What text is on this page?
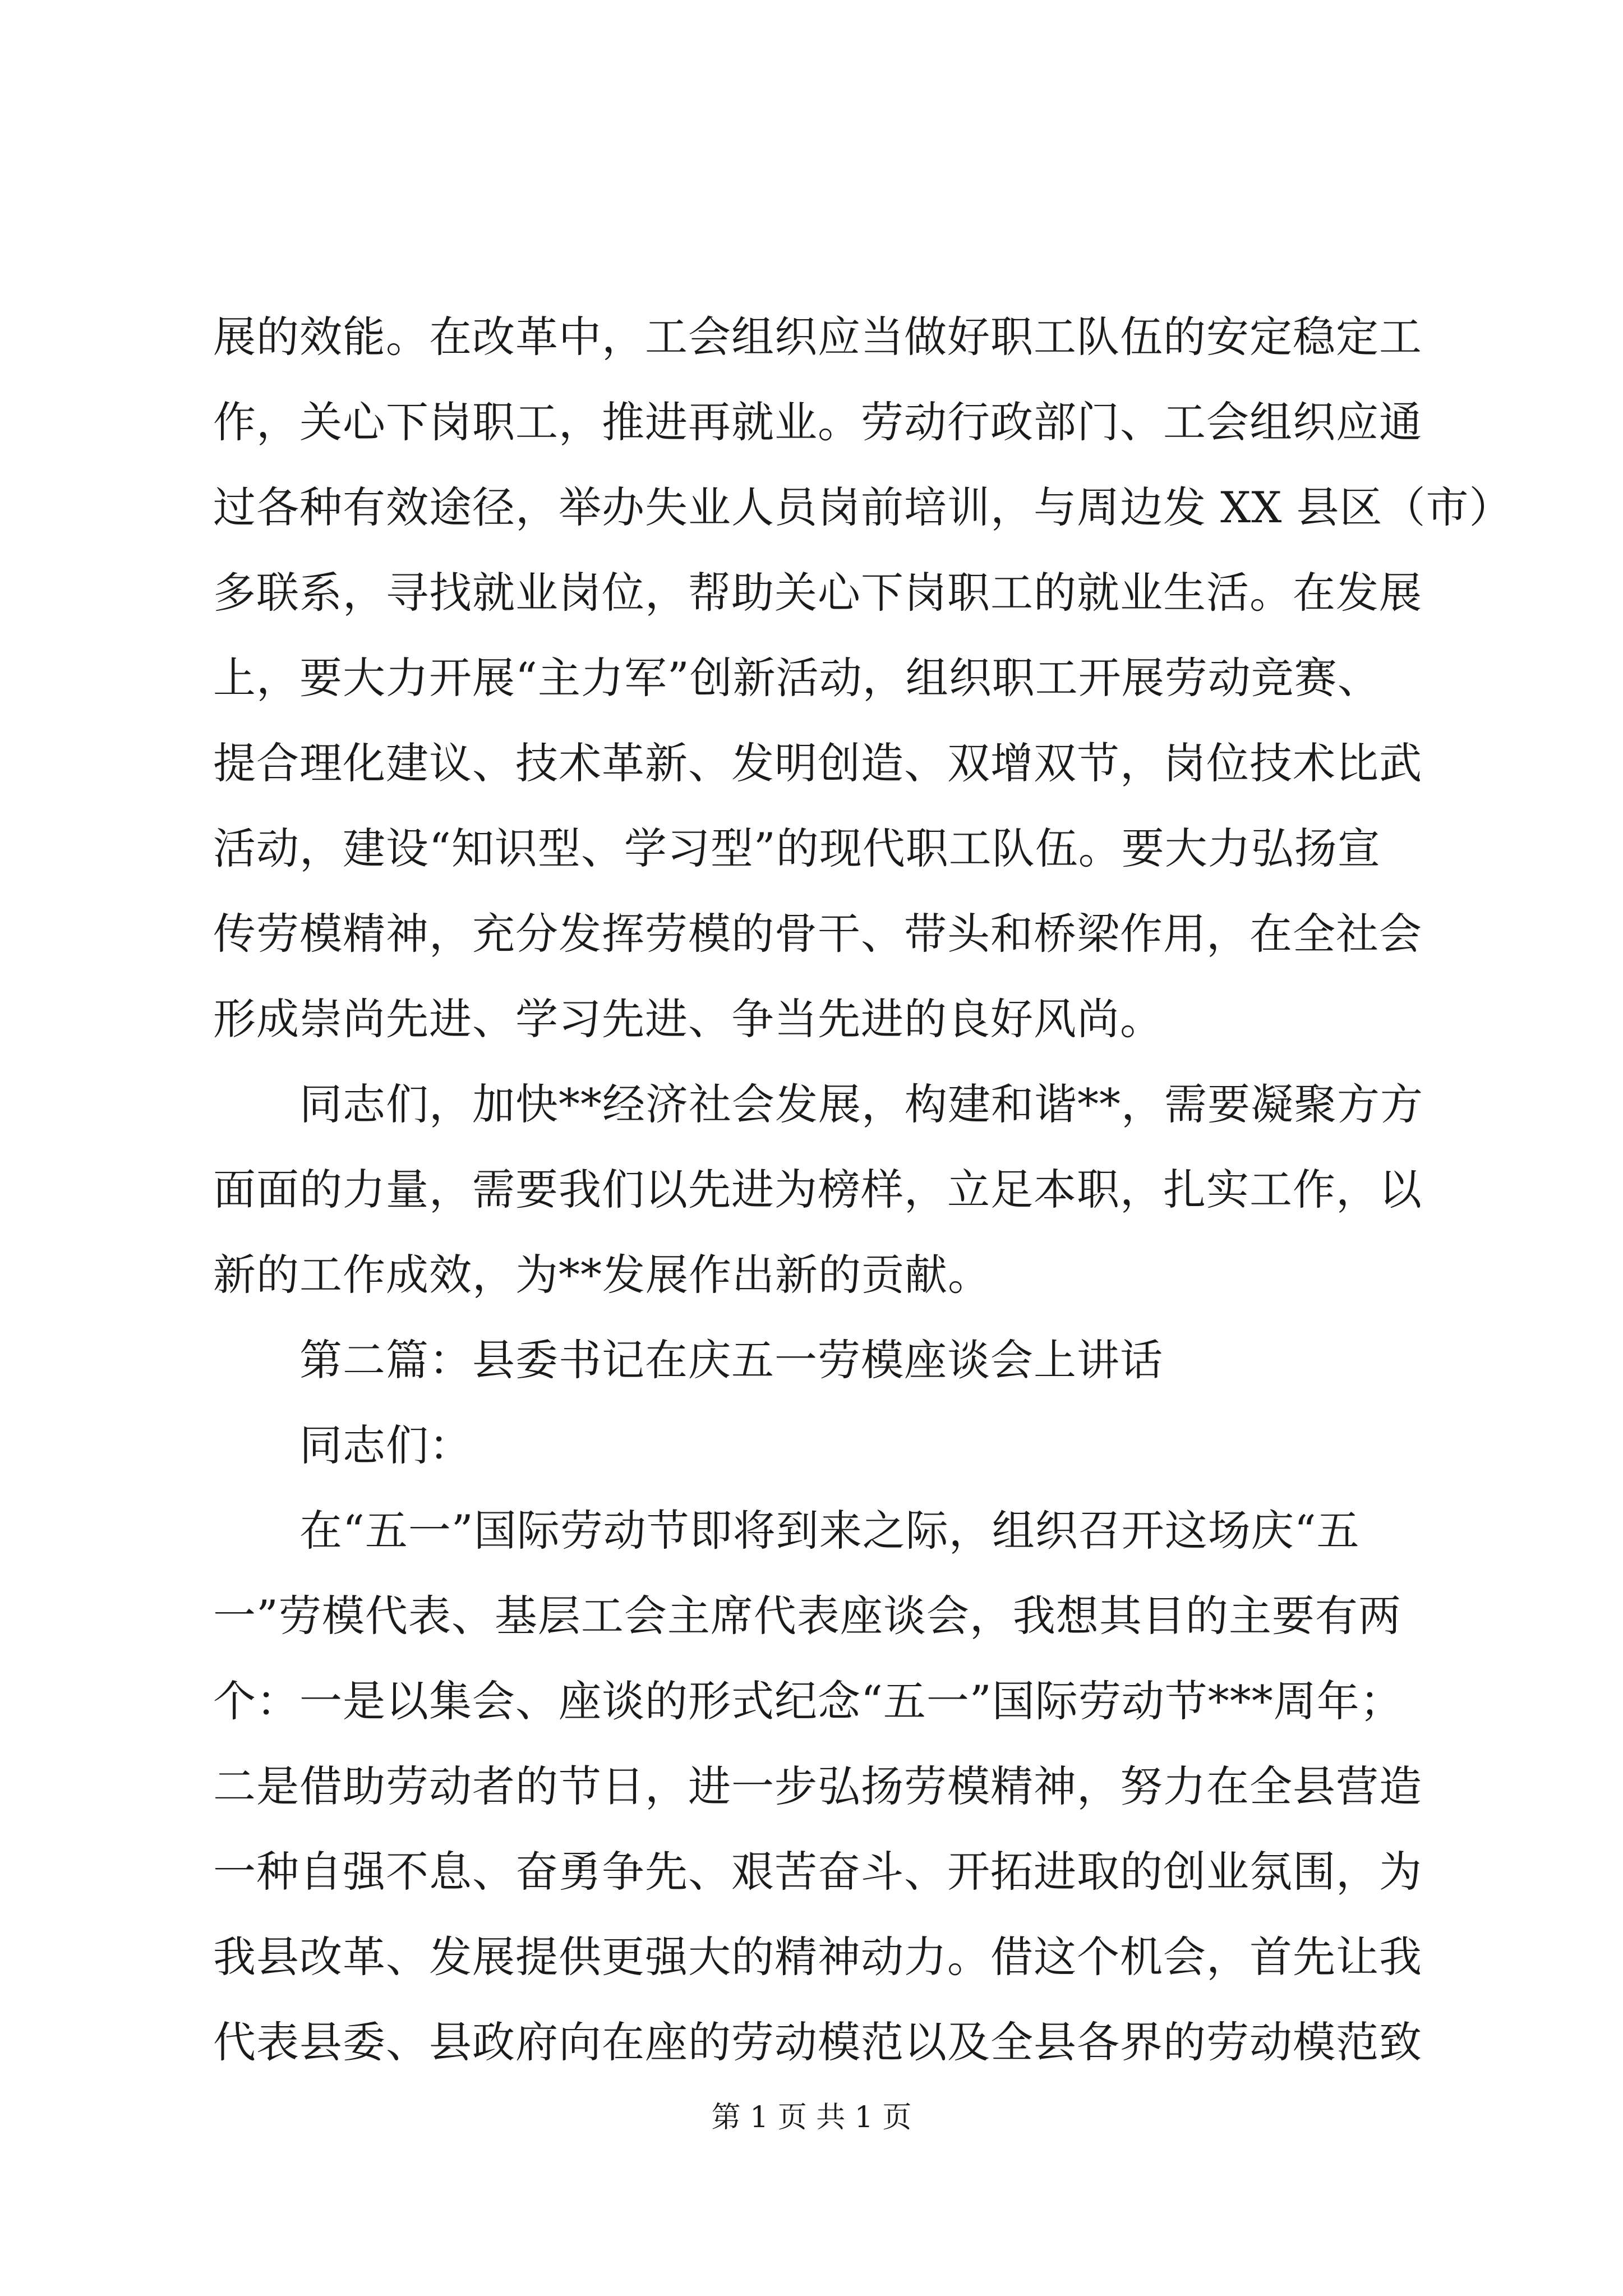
展的效能。在改革中，工会组织应当做好职工队伍的安定稳定工
作，关心下岗职工，推进再就业。劳动行政部门、工会组织应通
过各种有效途径，举办失业人员岗前培训，与周边发 XX 县区（市）
多联系，寻找就业岗位，帮助关心下岗职工的就业生活。在发展
上，要大力开展“主力军”创新活动，组织职工开展劳动竞赛、
提合理化建议、技术革新、发明创造、双增双节，岗位技术比武
活动，建设“知识型、学习型”的现代职工队伍。要大力弘扬宣
传劳模精神，充分发挥劳模的骨干、带头和桥梁作用，在全社会
形成崇尚先进、学习先进、争当先进的良好风尚。
　　同志们，加快**经济社会发展，构建和谐**，需要凝聚方方
面面的力量，需要我们以先进为榜样，立足本职，扎实工作，以
新的工作成效，为**发展作出新的贡献。
　　第二篇：县委书记在庆五一劳模座谈会上讲话
　　同志们：
　　在“五一”国际劳动节即将到来之际，组织召开这场庆“五
一”劳模代表、基层工会主席代表座谈会，我想其目的主要有两
个：一是以集会、座谈的形式纪念“五一”国际劳动节***周年；
二是借助劳动者的节日，进一步弘扬劳模精神，努力在全县营造
一种自强不息、奋勇争先、艰苦奋斗、开拓进取的创业氛围，为
我县改革、发展提供更强大的精神动力。借这个机会，首先让我
代表县委、县政府向在座的劳动模范以及全县各界的劳动模范致
第 1 页 共 1 页
